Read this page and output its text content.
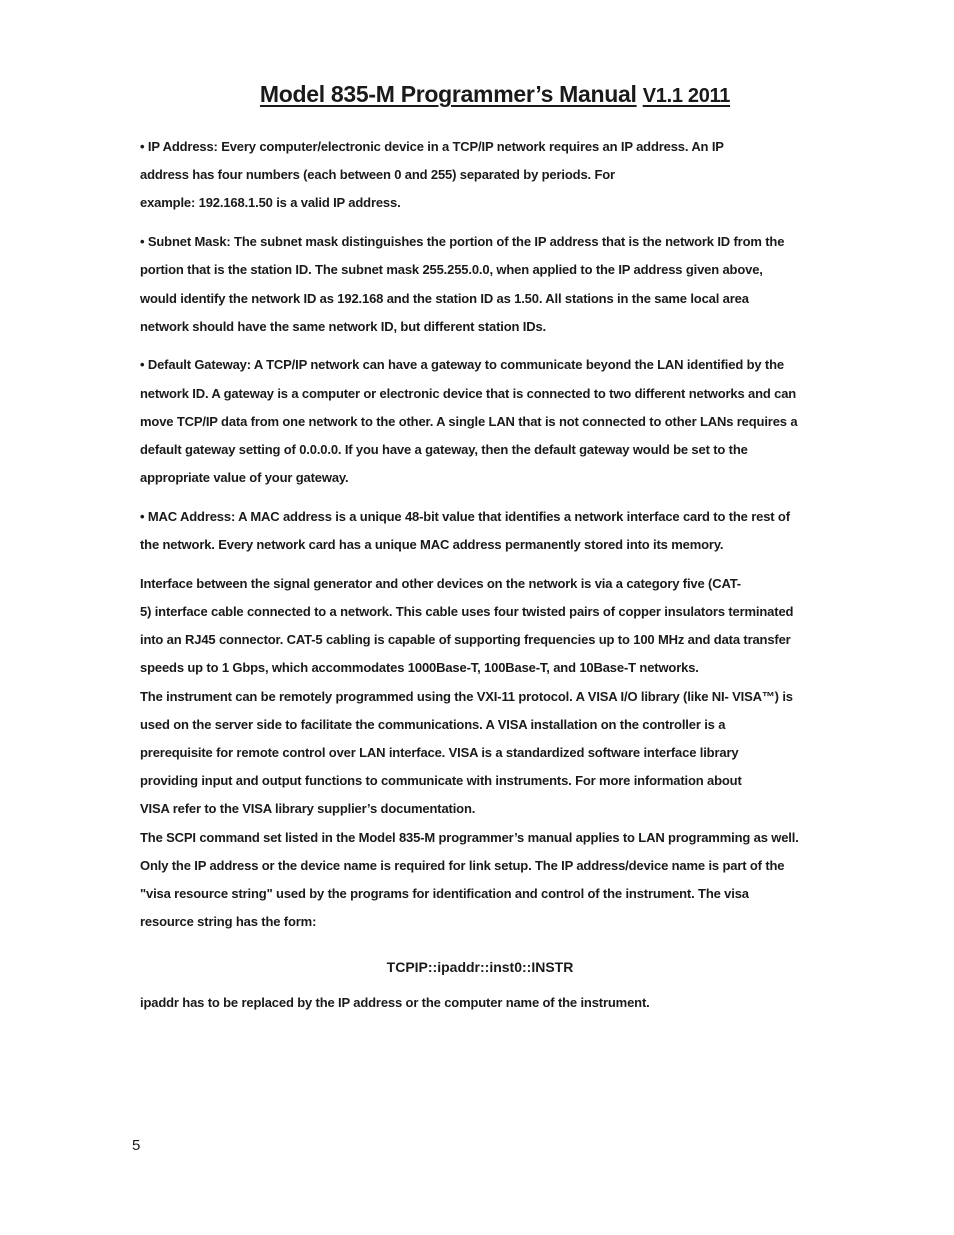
Model 835-M Programmer’s Manual V1.1 2011

• IP Address: Every computer/electronic device in a TCP/IP network requires an IP address. An IP

address has four numbers (each between 0 and 255) separated by periods. For

example: 192.168.1.50 is a valid IP address.

• Subnet Mask: The subnet mask distinguishes the portion of the IP address that is the network ID from the

portion that is the station ID. The subnet mask 255.255.0.0, when applied to the IP address given above,

would identify the network ID as 192.168 and the station ID as 1.50. All stations in the same local area

network should have the same network ID, but different station IDs.

• Default Gateway: A TCP/IP network can have a gateway to communicate beyond the LAN identified by the

network ID. A gateway is a computer or electronic device that is connected to two different networks and can

move TCP/IP data from one network to the other. A single LAN that is not connected to other LANs requires a

default gateway setting of 0.0.0.0. If you have a gateway, then the default gateway would be set to the

appropriate value of your gateway.

• MAC Address: A MAC address is a unique 48-bit value that identifies a network interface card to the rest of

the network. Every network card has a unique MAC address permanently stored into its memory.

Interface between the signal generator and other devices on the network is via a category five (CAT-

5) interface cable connected to a network. This cable uses four twisted pairs of copper insulators terminated

into an RJ45 connector. CAT-5 cabling is capable of supporting frequencies up to 100 MHz and data transfer

speeds up to 1 Gbps, which accommodates 1000Base-T, 100Base-T, and 10Base-T networks.

The instrument can be remotely programmed using the VXI-11 protocol. A VISA I/O library (like NI- VISA™) is

used on the server side to facilitate the communications. A VISA installation on the controller is a

prerequisite for remote control over LAN interface. VISA is a standardized software interface library

providing input and output functions to communicate with instruments. For more information about

VISA refer to the VISA library supplier’s documentation.

The SCPI command set listed in the Model 835-M programmer’s manual applies to LAN programming as well.

Only the IP address or the device name is required for link setup. The IP address/device name is part of the

"visa resource string" used by the programs for identification and control of the instrument. The visa

resource string has the form:

TCPIP::ipaddr::inst0::INSTR
ipaddr has to be replaced by the IP address or the computer name of the instrument.
5
